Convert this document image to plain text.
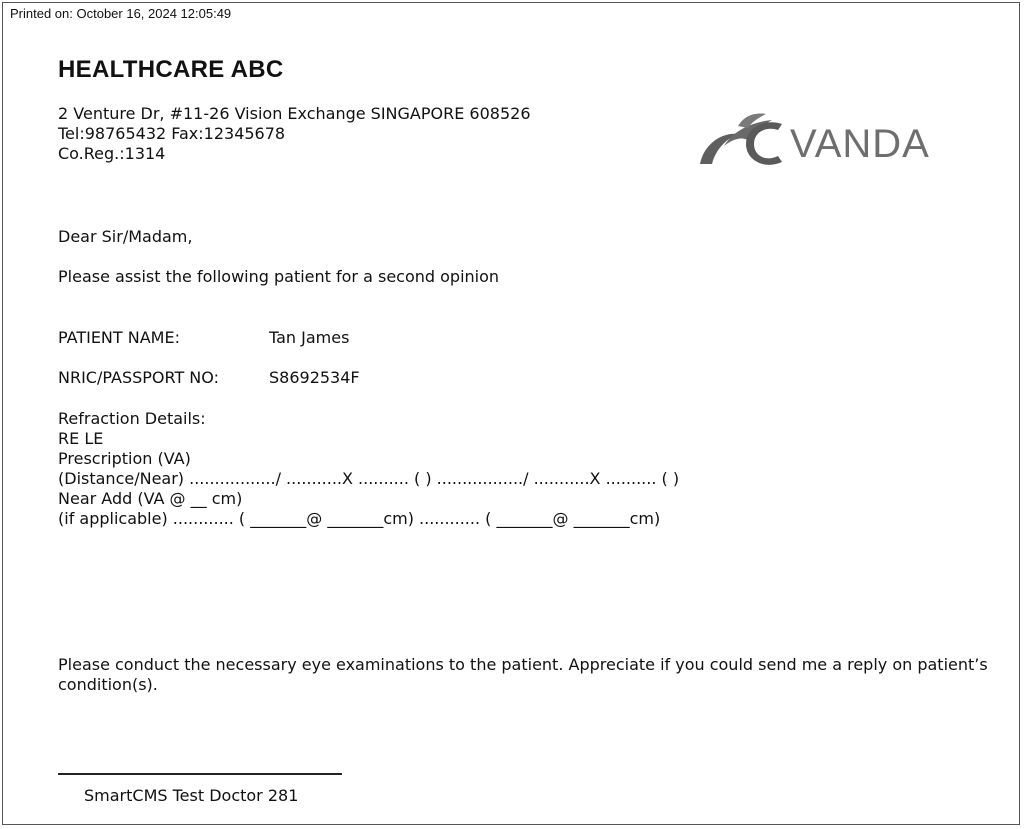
Printed on: October 16, 2024 12:05:49
HEALTHCARE ABC
2 Venture Dr, #11-26 Vision Exchange SINGAPORE 608526
Tel:98765432 Fax:12345678
Co.Reg.:1314	VANDA
Dear Sir/Madam,
Please assist the following patient for a second opinion
PATIENT NAME:	Tan James
NRIC/PASSPORT NO:	S8692534F
Refraction Details:
RE LE
Prescription (VA)
(Distance/Near) ................./ ...........X .......... ( ) ................./ ...........X .......... ( )
Near Add (VA @ __ cm)
(if applicable) ............ ( _______@ _______cm) ............ ( _______@ _______cm)
Please conduct the necessary eye examinations to the patient. Appreciate if you could send me a reply on patient’s condition(s).
SmartCMS Test Doctor 281
